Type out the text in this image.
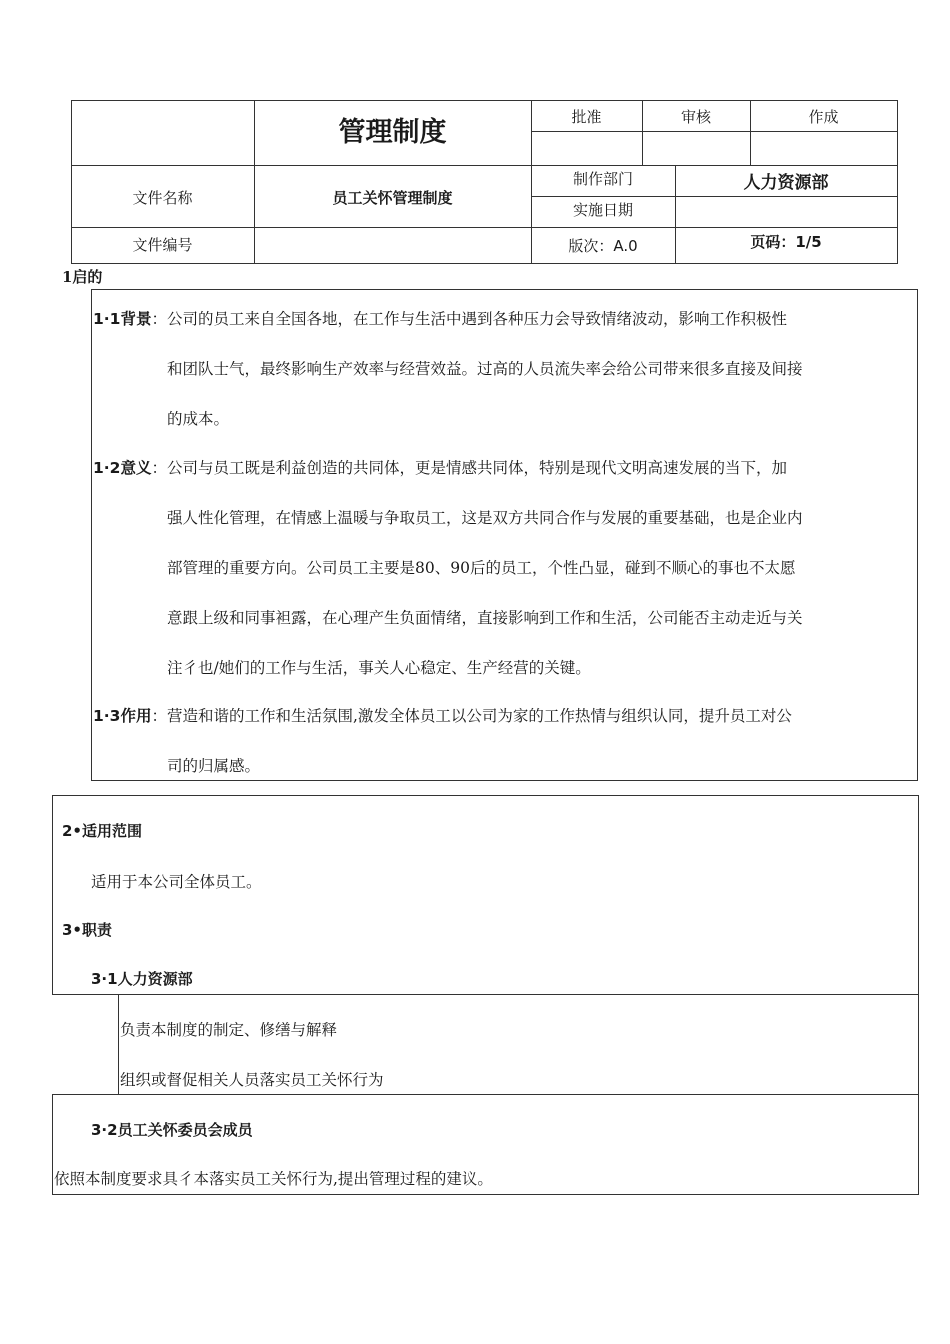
管理制度	批准	审核	作成
文件名称	员工关怀管理制度
制作部门	人力资源部
实施日期
文件编号	版次：A.0	页码：1/5
1启的
1·1背景：公司的员工来自全国各地，在工作与生活中遇到各种压力会导致情绪波动，影响工作积极性
和团队士气，最终影响生产效率与经营效益。过高的人员流失率会给公司带来很多直接及间接
的成本。
1·2意义：公司与员工既是利益创造的共同体，更是情感共同体，特别是现代文明高速发展的当下，加
强人性化管理，在情感上温暖与争取员工，这是双方共同合作与发展的重要基础，也是企业内
部管理的重要方向。公司员工主要是80、90后的员工，个性凸显，碰到不顺心的事也不太愿
意跟上级和同事袒露，在心理产生负面情绪，直接影响到工作和生活，公司能否主动走近与关
注彳也/她们的工作与生活，事关人心稳定、生产经营的关键。
1·3作用：营造和谐的工作和生活氛围,激发全体员工以公司为家的工作热情与组织认同，提升员工对公
司的归属感。
2•适用范围
适用于本公司全体员工。
3•职责
3·1人力资源部
负责本制度的制定、修缮与解释
组织或督促相关人员落实员工关怀行为
3·2员工关怀委员会成员
依照本制度要求具彳本落实员工关怀行为,提出管理过程的建议。
